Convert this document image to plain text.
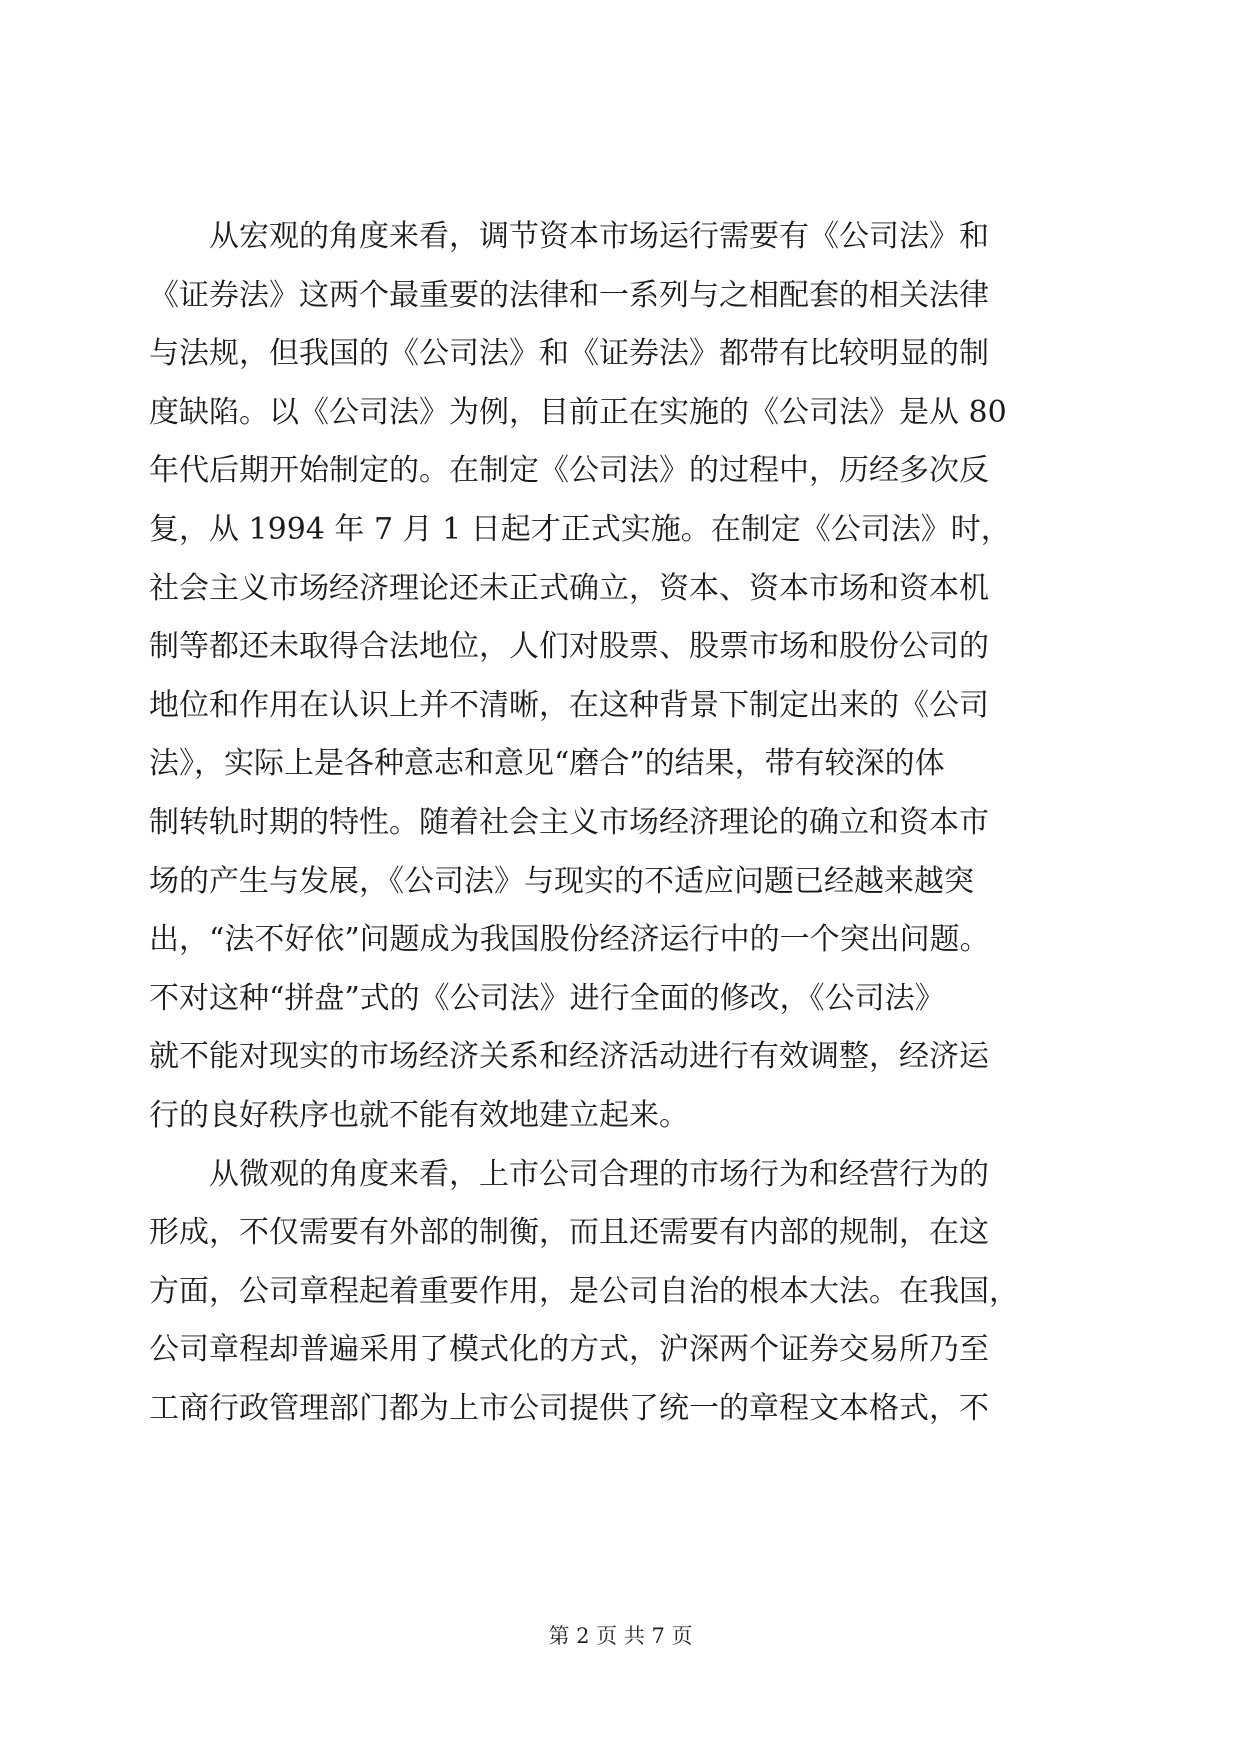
从宏观的角度来看，调节资本市场运行需要有《公司法》和
《证券法》这两个最重要的法律和一系列与之相配套的相关法律
与法规，但我国的《公司法》和《证券法》都带有比较明显的制
度缺陷。以《公司法》为例，目前正在实施的《公司法》是从 80
年代后期开始制定的。在制定《公司法》的过程中，历经多次反
复，从 1994 年 7 月 1 日起才正式实施。在制定《公司法》时，
社会主义市场经济理论还未正式确立，资本、资本市场和资本机
制等都还未取得合法地位，人们对股票、股票市场和股份公司的
地位和作用在认识上并不清晰，在这种背景下制定出来的《公司
法》，实际上是各种意志和意见“磨合”的结果，带有较深的体
制转轨时期的特性。随着社会主义市场经济理论的确立和资本市
场的产生与发展，《公司法》与现实的不适应问题已经越来越突
出，“法不好依”问题成为我国股份经济运行中的一个突出问题。
不对这种“拼盘”式的《公司法》进行全面的修改，《公司法》
就不能对现实的市场经济关系和经济活动进行有效调整，经济运
行的良好秩序也就不能有效地建立起来。
从微观的角度来看，上市公司合理的市场行为和经营行为的
形成，不仅需要有外部的制衡，而且还需要有内部的规制，在这
方面，公司章程起着重要作用，是公司自治的根本大法。在我国，
公司章程却普遍采用了模式化的方式，沪深两个证券交易所乃至
工商行政管理部门都为上市公司提供了统一的章程文本格式，不
第 2 页 共 7 页
